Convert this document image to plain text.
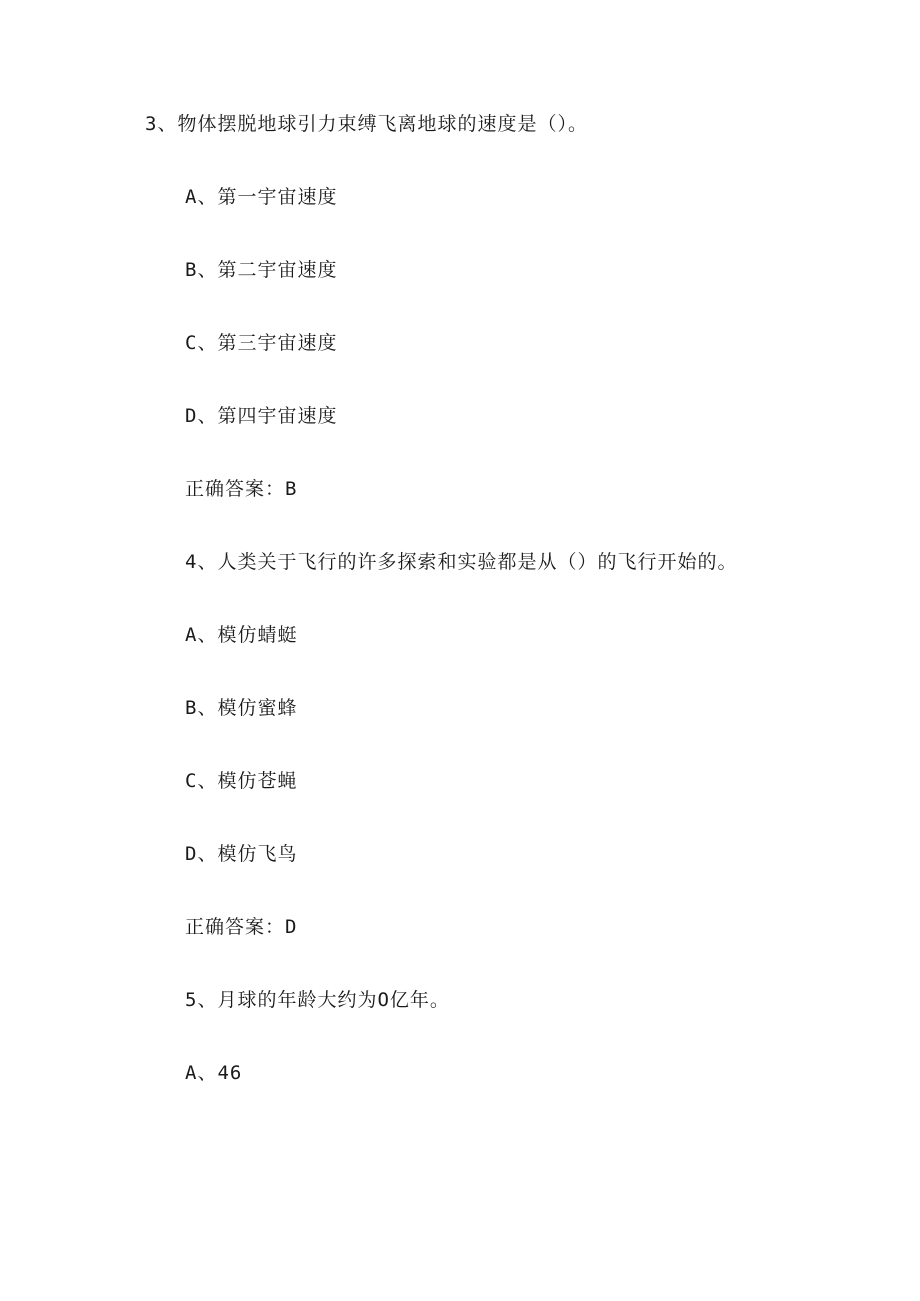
3、物体摆脱地球引力束缚飞离地球的速度是（）。
A、第一宇宙速度
B、第二宇宙速度
C、第三宇宙速度
D、第四宇宙速度
正确答案：B
4、人类关于飞行的许多探索和实验都是从（）的飞行开始的。
A、模仿蜻蜓
B、模仿蜜蜂
C、模仿苍蝇
D、模仿飞鸟
正确答案：D
5、月球的年龄大约为O亿年。
A、46
